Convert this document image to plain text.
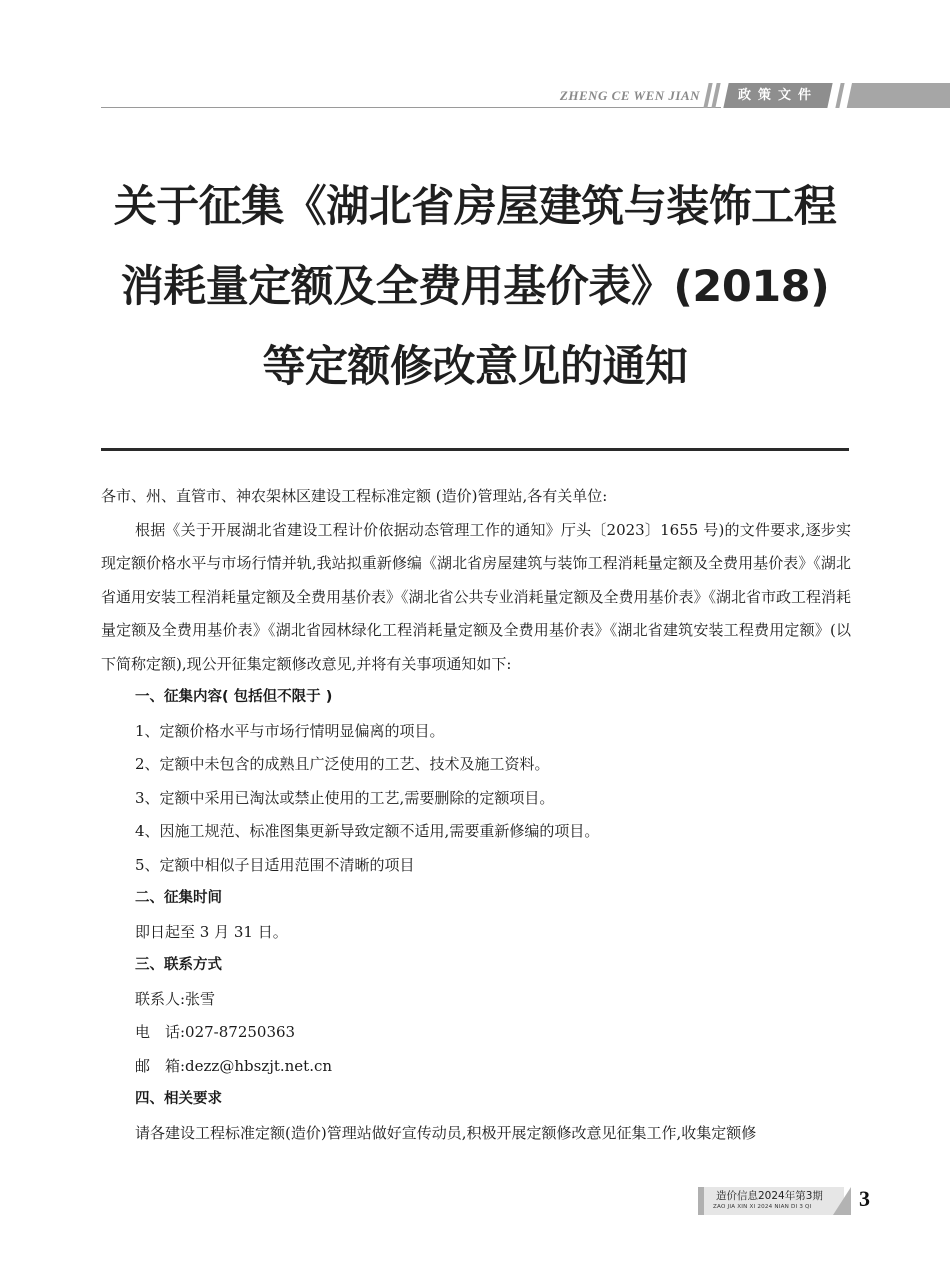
ZHENG CE WEN JIAN	政策文件
关于征集《湖北省房屋建筑与装饰工程
消耗量定额及全费用基价表》(2018)
等定额修改意见的通知

各市、州、直管市、神农架林区建设工程标准定额 (造价)管理站,各有关单位:

根据《关于开展湖北省建设工程计价依据动态管理工作的通知》厅头〔2023〕1655 号)的文件要求,逐步实现定额价格水平与市场行情并轨,我站拟重新修编《湖北省房屋建筑与装饰工程消耗量定额及全费用基价表》《湖北省通用安装工程消耗量定额及全费用基价表》《湖北省公共专业消耗量定额及全费用基价表》《湖北省市政工程消耗量定额及全费用基价表》《湖北省园林绿化工程消耗量定额及全费用基价表》《湖北省建筑安装工程费用定额》(以下简称定额),现公开征集定额修改意见,并将有关事项通知如下:

一、征集内容( 包括但不限于 )

1、定额价格水平与市场行情明显偏离的项目。

2、定额中未包含的成熟且广泛使用的工艺、技术及施工资料。

3、定额中采用已淘汰或禁止使用的工艺,需要删除的定额项目。

4、因施工规范、标准图集更新导致定额不适用,需要重新修编的项目。

5、定额中相似子目适用范围不清晰的项目

二、征集时间

即日起至 3 月 31 日。

三、联系方式

联系人:张雪

电　话:027-87250363

邮　箱:dezz@hbszjt.net.cn

四、相关要求

请各建设工程标准定额(造价)管理站做好宣传动员,积极开展定额修改意见征集工作,收集定额修

造价信息2024年第3期
ZAO JIA XIN XI 2024 NIAN DI 3 QI 3
